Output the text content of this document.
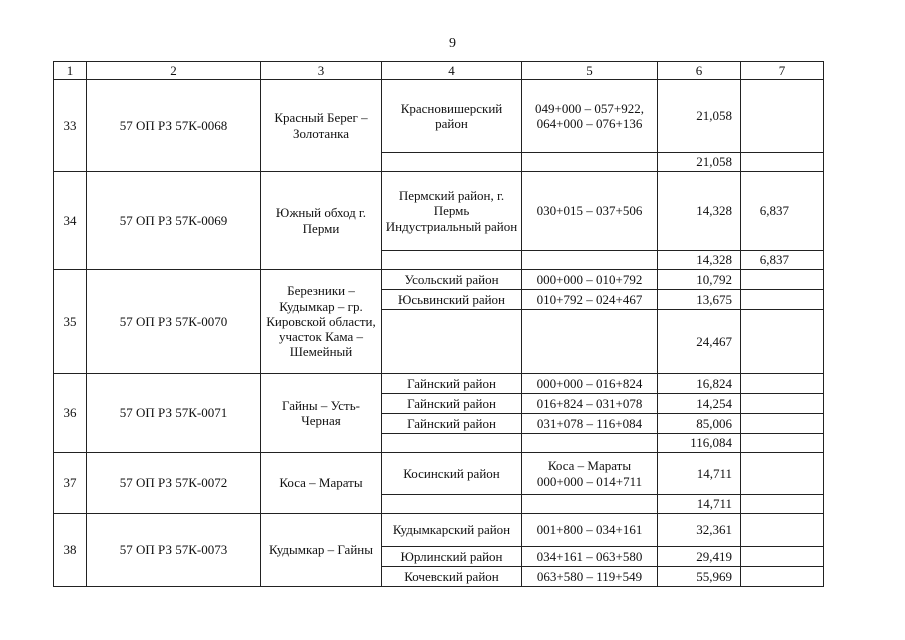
9
1	2	3	4	5	6	7
33	57 ОП РЗ 57К-0068	Красный Берег – Золотанка	Красновишерский район	049+000 – 057+922, 064+000 – 076+136	21,058	
					21,058	
34	57 ОП РЗ 57К-0069	Южный обход г. Перми	Пермский район, г. Пермь Индустриальный район	030+015 – 037+506	14,328	6,837
					14,328	6,837
35	57 ОП РЗ 57К-0070	Березники – Кудымкар – гр. Кировской области, участок Кама – Шемейный	Усольский район	000+000 – 010+792	10,792	
			Юсьвинский район	010+792 – 024+467	13,675	
					24,467	
36	57 ОП РЗ 57К-0071	Гайны – Усть-Черная	Гайнский район	000+000 – 016+824	16,824	
			Гайнский район	016+824 – 031+078	14,254	
			Гайнский район	031+078 – 116+084	85,006	
					116,084	
37	57 ОП РЗ 57К-0072	Коса – Мараты	Косинский район	Коса – Мараты 000+000 – 014+711	14,711	
					14,711	
38	57 ОП РЗ 57К-0073	Кудымкар – Гайны	Кудымкарский район	001+800 – 034+161	32,361	
			Юрлинский район	034+161 – 063+580	29,419	
			Кочевский район	063+580 – 119+549	55,969	
